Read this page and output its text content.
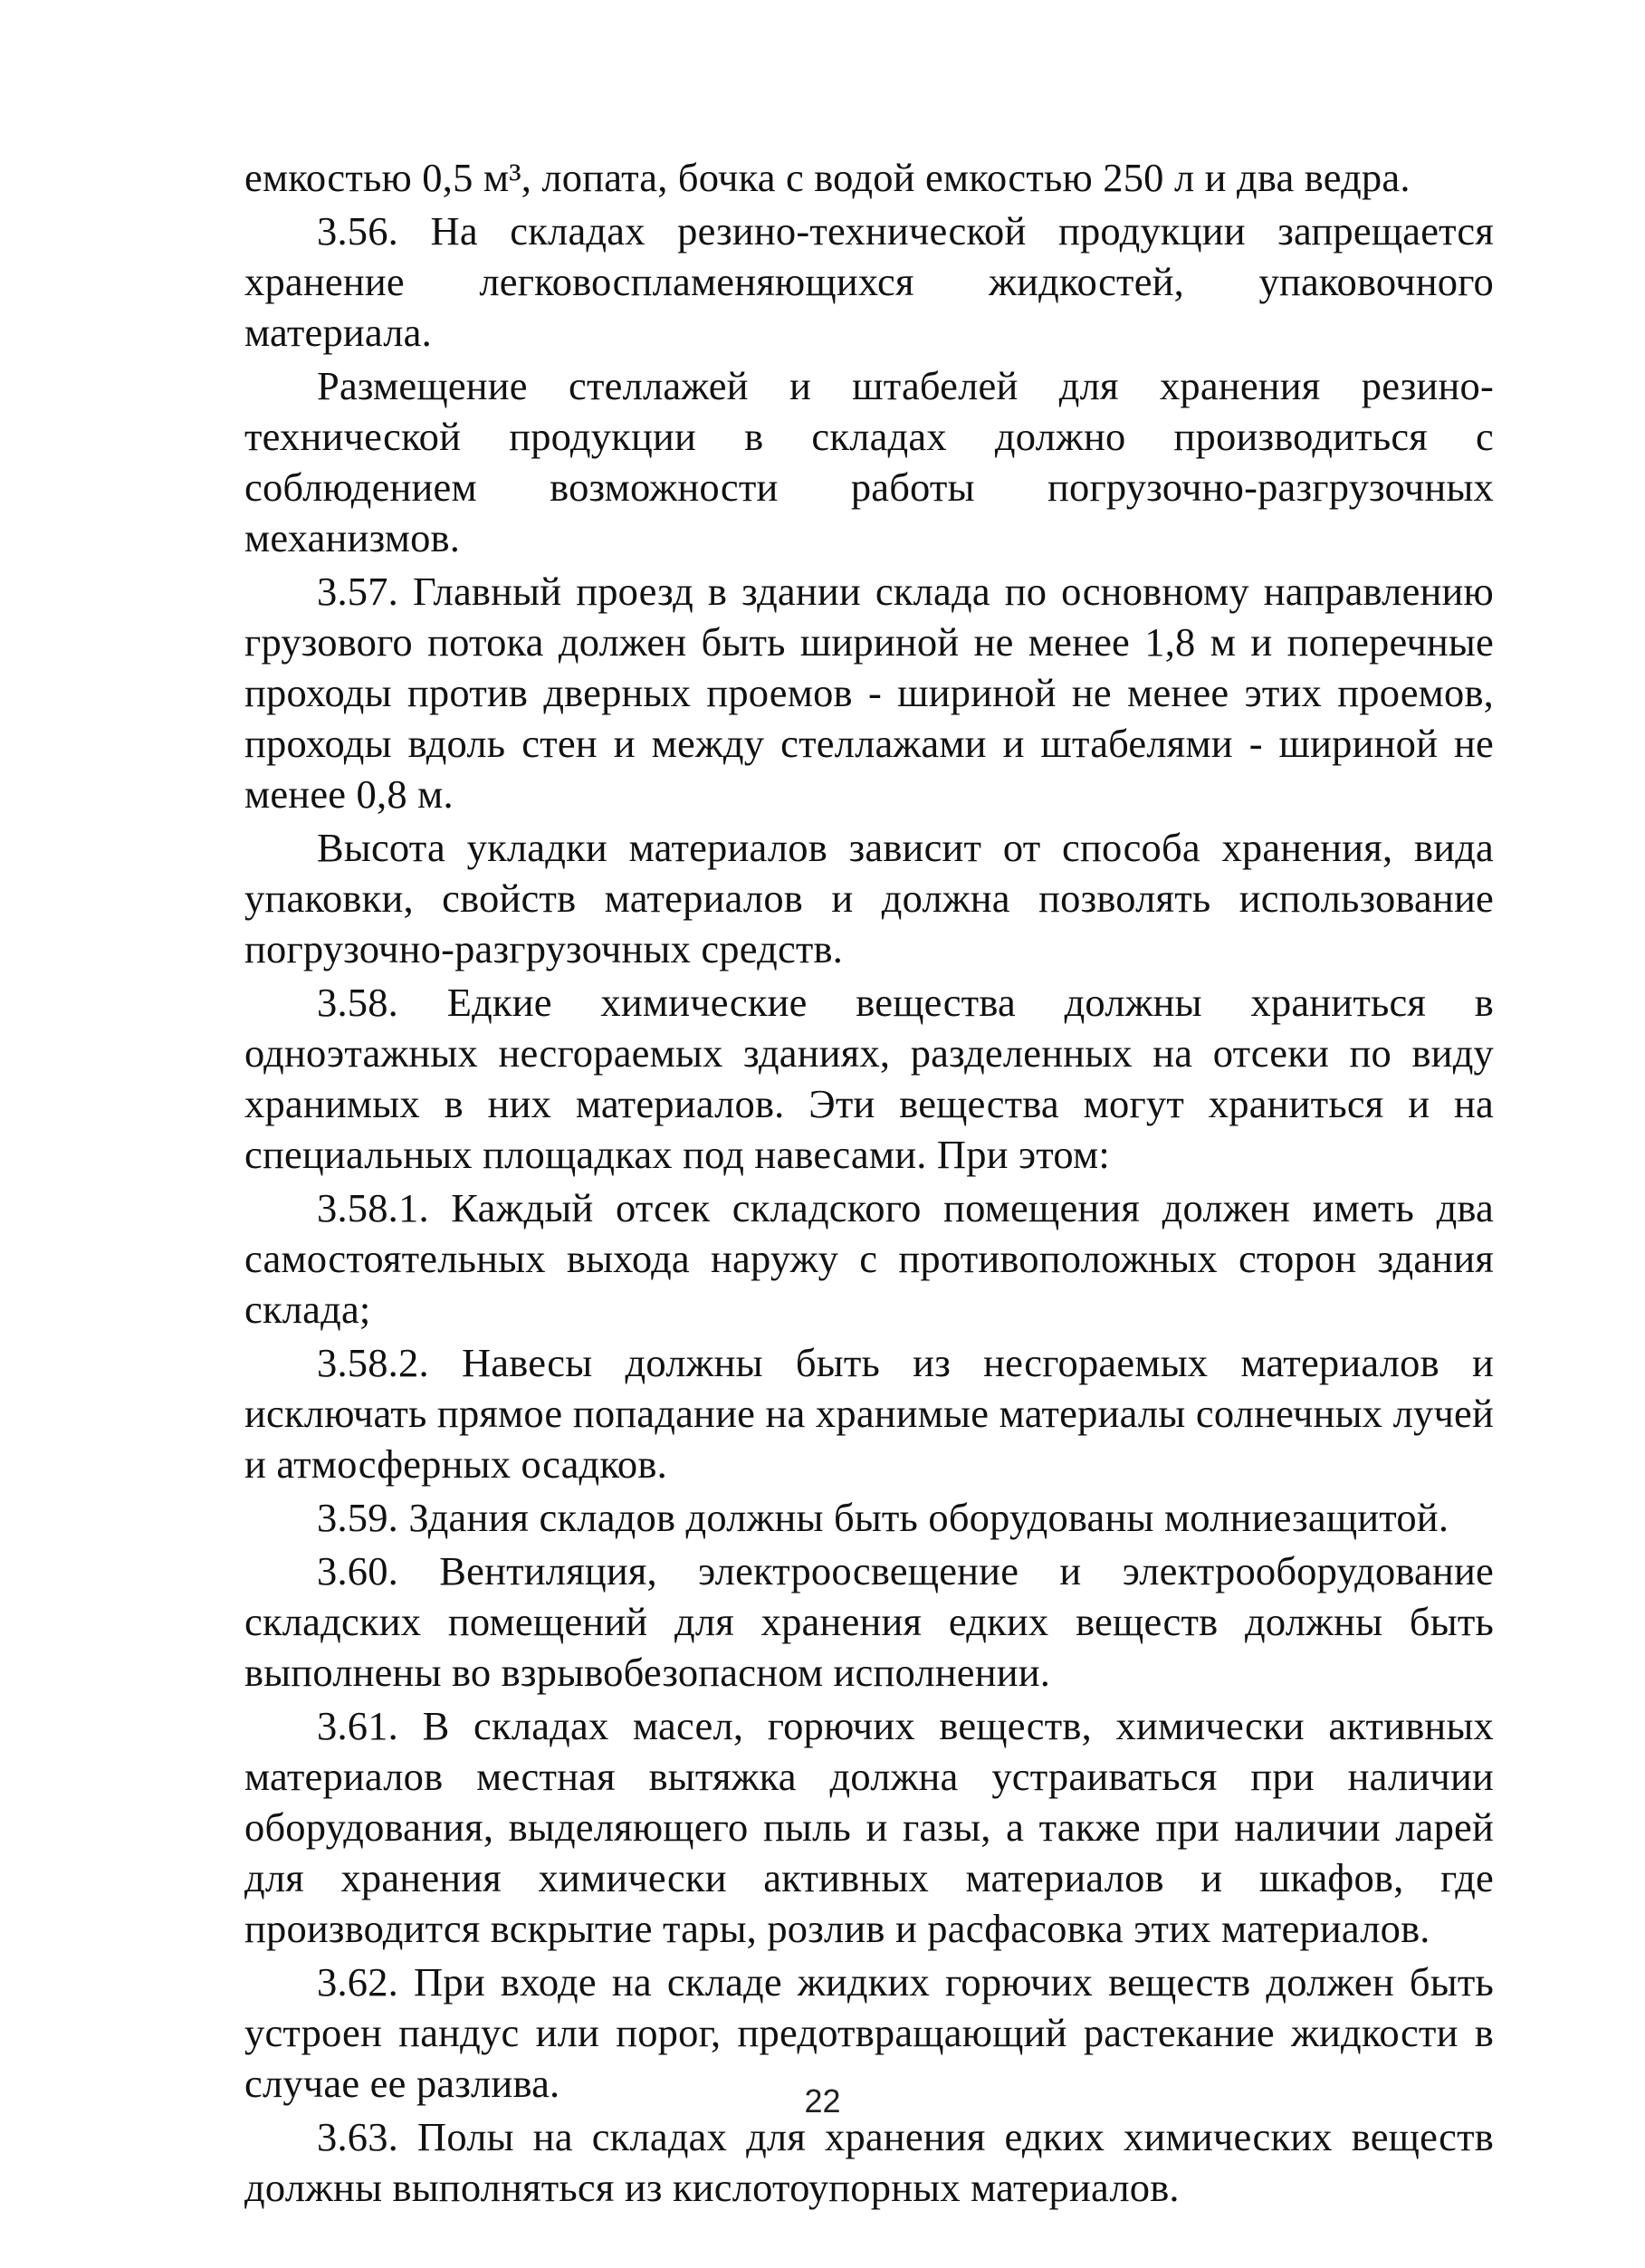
емкостью 0,5 м³, лопата, бочка с водой емкостью 250 л и два ведра.

3.56. На складах резино-технической продукции запрещается хранение легковоспламеняющихся жидкостей, упаковочного материала.

Размещение стеллажей и штабелей для хранения резино-технической продукции в складах должно производиться с соблюдением возможности работы погрузочно-разгрузочных механизмов.

3.57. Главный проезд в здании склада по основному направлению грузового потока должен быть шириной не менее 1,8 м и поперечные проходы против дверных проемов - шириной не менее этих проемов, проходы вдоль стен и между стеллажами и штабелями - шириной не менее 0,8 м.

Высота укладки материалов зависит от способа хранения, вида упаковки, свойств материалов и должна позволять использование погрузочно-разгрузочных средств.

3.58. Едкие химические вещества должны храниться в одноэтажных несгораемых зданиях, разделенных на отсеки по виду хранимых в них материалов. Эти вещества могут храниться и на специальных площадках под навесами. При этом:

3.58.1. Каждый отсек складского помещения должен иметь два самостоятельных выхода наружу с противоположных сторон здания склада;

3.58.2. Навесы должны быть из несгораемых материалов и исключать прямое попадание на хранимые материалы солнечных лучей и атмосферных осадков.

3.59. Здания складов должны быть оборудованы молниезащитой.

3.60. Вентиляция, электроосвещение и электрооборудование складских помещений для хранения едких веществ должны быть выполнены во взрывобезопасном исполнении.

3.61. В складах масел, горючих веществ, химически активных материалов местная вытяжка должна устраиваться при наличии оборудования, выделяющего пыль и газы, а также при наличии ларей для хранения химически активных материалов и шкафов, где производится вскрытие тары, розлив и расфасовка этих материалов.

3.62. При входе на складе жидких горючих веществ должен быть устроен пандус или порог, предотвращающий растекание жидкости в случае ее разлива.

3.63. Полы на складах для хранения едких химических веществ должны выполняться из кислотоупорных материалов.

22
